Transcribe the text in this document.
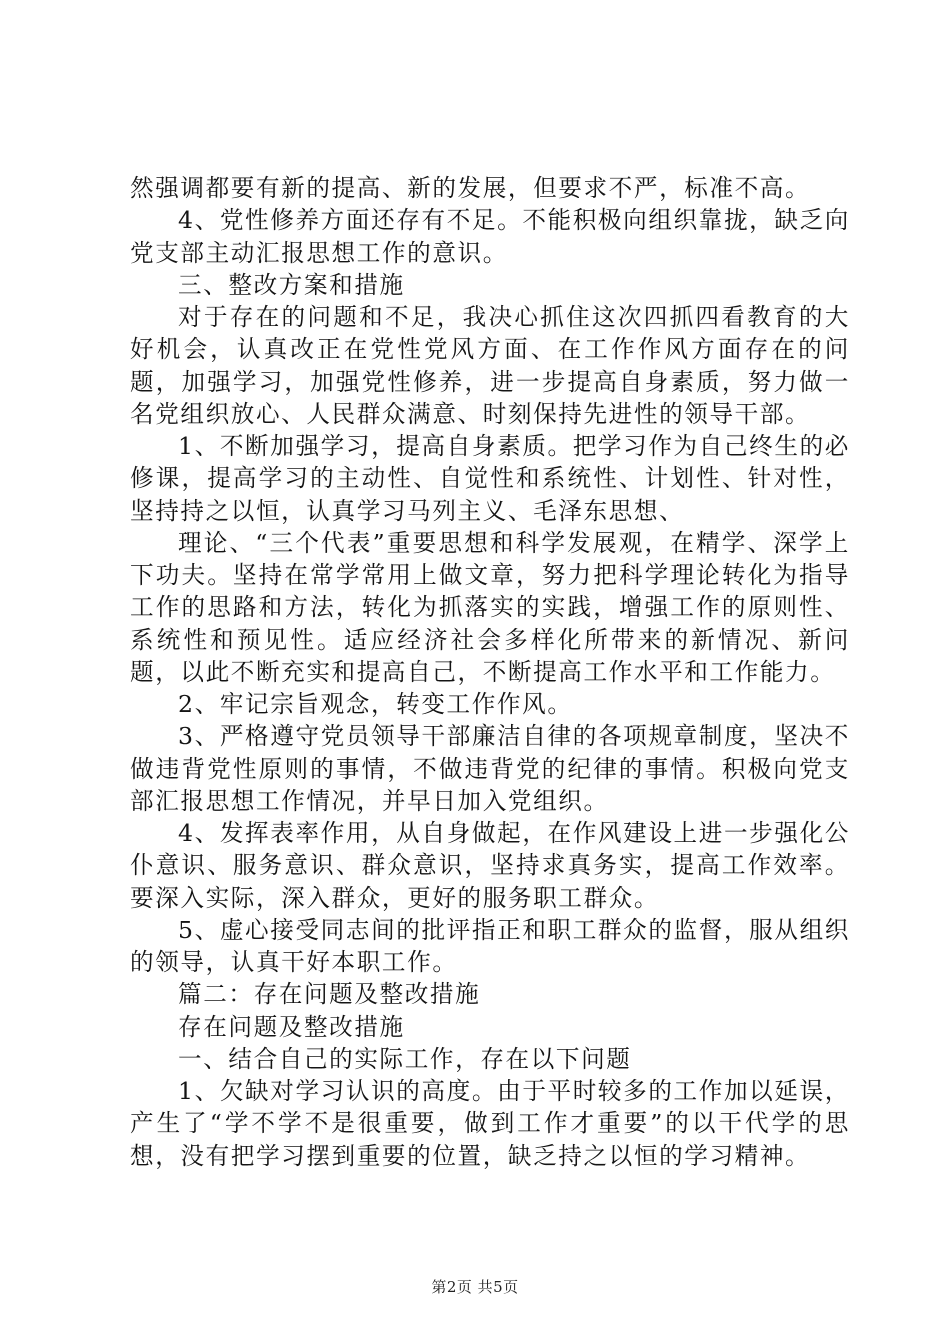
然强调都要有新的提高、新的发展，但要求不严，标准不高。

4、党性修养方面还存有不足。不能积极向组织靠拢，缺乏向党支部主动汇报思想工作的意识。

三、整改方案和措施

对于存在的问题和不足，我决心抓住这次四抓四看教育的大好机会，认真改正在党性党风方面、在工作作风方面存在的问题，加强学习，加强党性修养，进一步提高自身素质，努力做一名党组织放心、人民群众满意、时刻保持先进性的领导干部。

1、不断加强学习，提高自身素质。把学习作为自己终生的必修课，提高学习的主动性、自觉性和系统性、计划性、针对性，坚持持之以恒，认真学习马列主义、毛泽东思想、

理论、“三个代表”重要思想和科学发展观，在精学、深学上下功夫。坚持在常学常用上做文章，努力把科学理论转化为指导工作的思路和方法，转化为抓落实的实践，增强工作的原则性、系统性和预见性。适应经济社会多样化所带来的新情况、新问题，以此不断充实和提高自己，不断提高工作水平和工作能力。

2、牢记宗旨观念，转变工作作风。

3、严格遵守党员领导干部廉洁自律的各项规章制度，坚决不做违背党性原则的事情，不做违背党的纪律的事情。积极向党支部汇报思想工作情况，并早日加入党组织。

4、发挥表率作用，从自身做起，在作风建设上进一步强化公仆意识、服务意识、群众意识，坚持求真务实，提高工作效率。要深入实际，深入群众，更好的服务职工群众。

5、虚心接受同志间的批评指正和职工群众的监督，服从组织的领导，认真干好本职工作。

篇二：存在问题及整改措施

存在问题及整改措施

一、结合自己的实际工作，存在以下问题

1、欠缺对学习认识的高度。由于平时较多的工作加以延误，产生了“学不学不是很重要，做到工作才重要”的以干代学的思想，没有把学习摆到重要的位置，缺乏持之以恒的学习精神。

第2页 共5页
